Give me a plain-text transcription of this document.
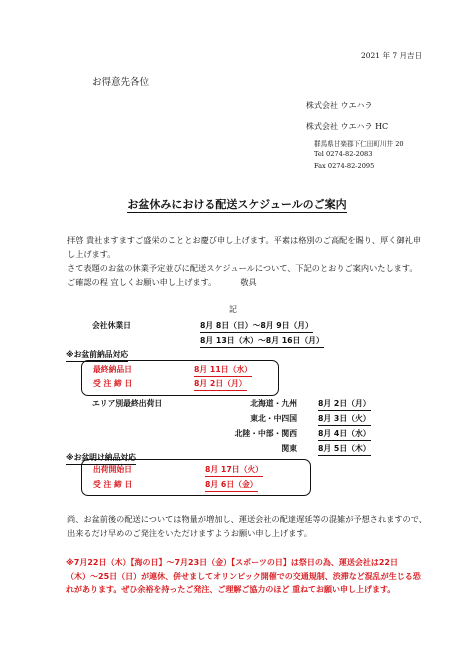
2021 年 7 月吉日
お得意先各位
株式会社 ウエハラ
株式会社 ウエハラ HC
群馬県甘楽郡下仁田町川井 20
Tel 0274-82-2083
Fax 0274-82-2095
お盆休みにおける配送スケジュールのご案内
拝啓 貴社ますますご盛栄のこととお慶び申し上げます。平素は格別のご高配を賜り、厚く御礼申し上げます。
さて表題のお盆の休業予定並びに配送スケジュールについて、下記のとおりご案内いたします。ご確認の程 宜しくお願い申し上げます。	敬具
記
会社休業日	8月 8日（日）〜8月 9日（月）
8月 13日（木）〜8月 16日（月）
※お盆前納品対応
最終納品日	8月 11日（水）
受 注 締 日	8月 2日（月）
エリア別最終出荷日	北海道・九州	8月 2日（月）
東北・中四国	8月 3日（火）
北陸・中部・関西	8月 4日（水）
関東	8月 5日（木）
※お盆明け納品対応
出荷開始日	8月 17日（火）
受 注 締 日	8月 6日（金）
尚、お盆前後の配送については物量が増加し、運送会社の配達遅延等の混雑が予想されますので、出来るだけ早めのご発注をいただけますようお願い申し上げます。
※7月22日（木）【海の日】〜7月23日（金）【スポーツの日】は祭日の為、運送会社は22日（木）〜25日（日）が連休、併せましてオリンピック開催での交通規制、渋滞など混乱が生じる恐れがあります。ぜひ余裕を持ったご発注、ご理解ご協力のほど 重ねてお願い申し上げます。
